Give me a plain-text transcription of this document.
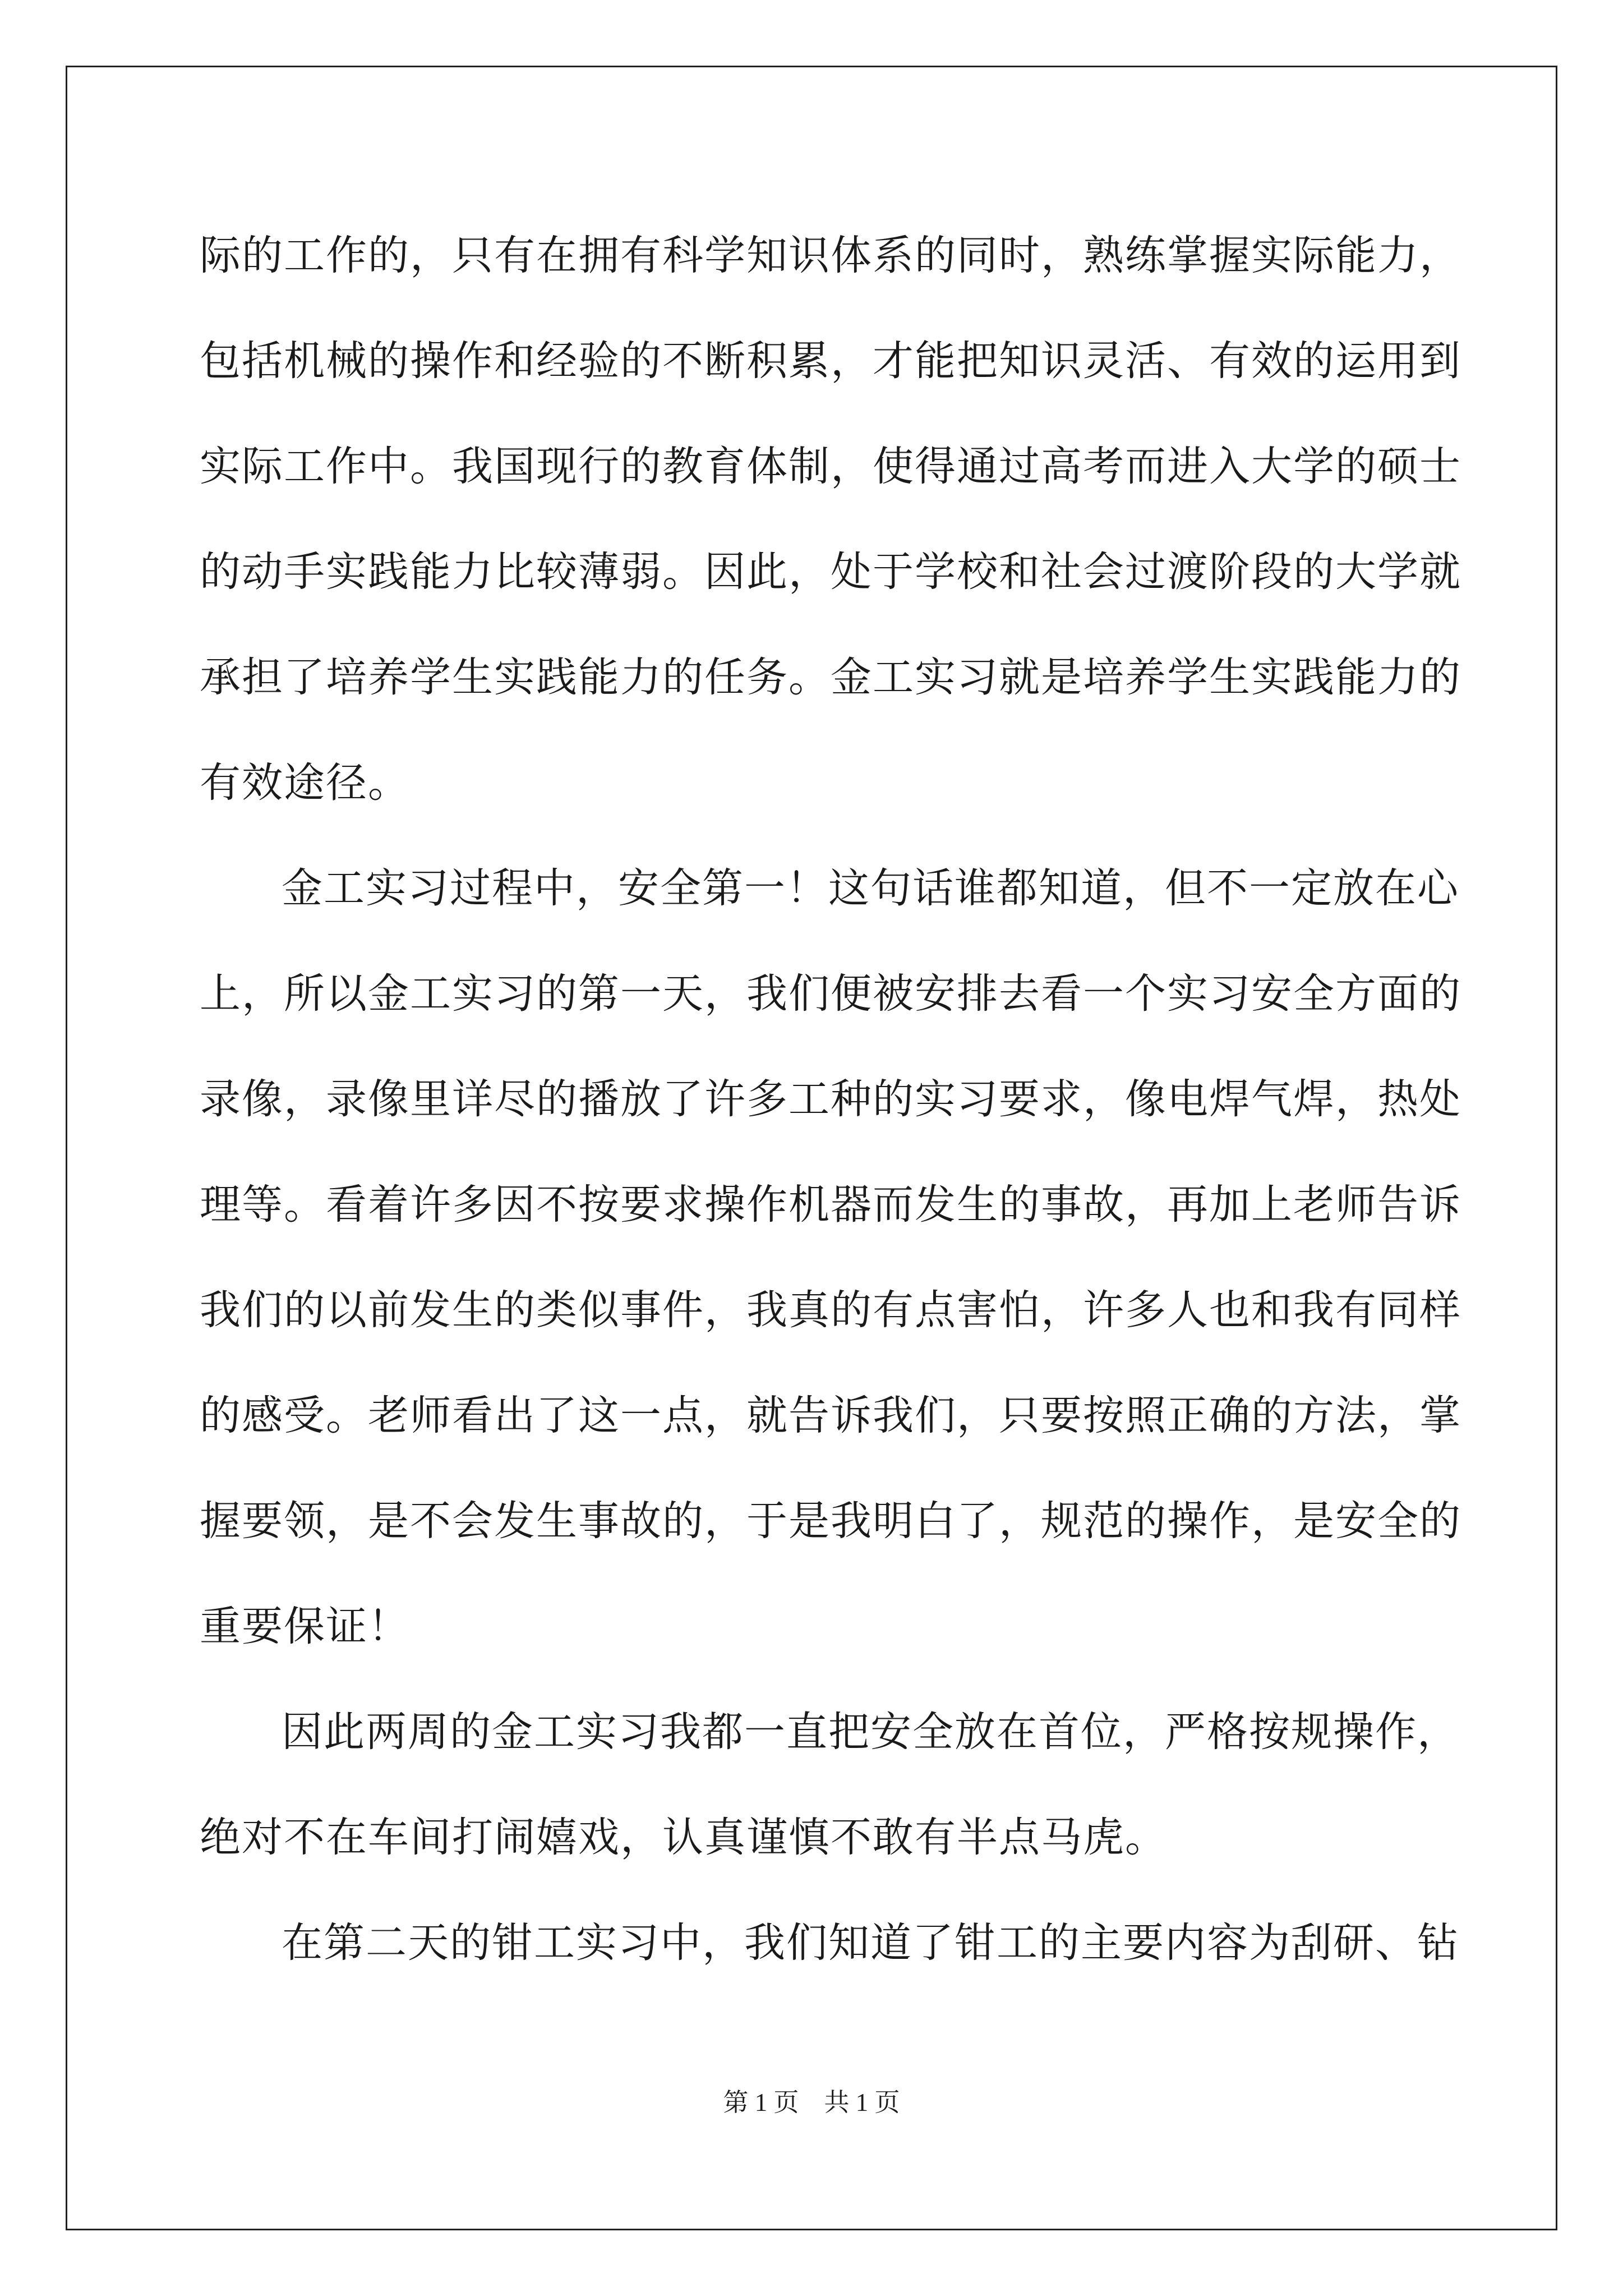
际的工作的，只有在拥有科学知识体系的同时，熟练掌握实际能力，
包括机械的操作和经验的不断积累，才能把知识灵活、有效的运用到
实际工作中。我国现行的教育体制，使得通过高考而进入大学的硕士
的动手实践能力比较薄弱。因此，处于学校和社会过渡阶段的大学就
承担了培养学生实践能力的任务。金工实习就是培养学生实践能力的
有效途径。
金工实习过程中，安全第一！这句话谁都知道，但不一定放在心
上，所以金工实习的第一天，我们便被安排去看一个实习安全方面的
录像，录像里详尽的播放了许多工种的实习要求，像电焊气焊，热处
理等。看着许多因不按要求操作机器而发生的事故，再加上老师告诉
我们的以前发生的类似事件，我真的有点害怕，许多人也和我有同样
的感受。老师看出了这一点，就告诉我们，只要按照正确的方法，掌
握要领，是不会发生事故的，于是我明白了，规范的操作，是安全的
重要保证！
因此两周的金工实习我都一直把安全放在首位，严格按规操作，
绝对不在车间打闹嬉戏，认真谨慎不敢有半点马虎。
在第二天的钳工实习中，我们知道了钳工的主要内容为刮研、钻
第 1 页　共 1 页
